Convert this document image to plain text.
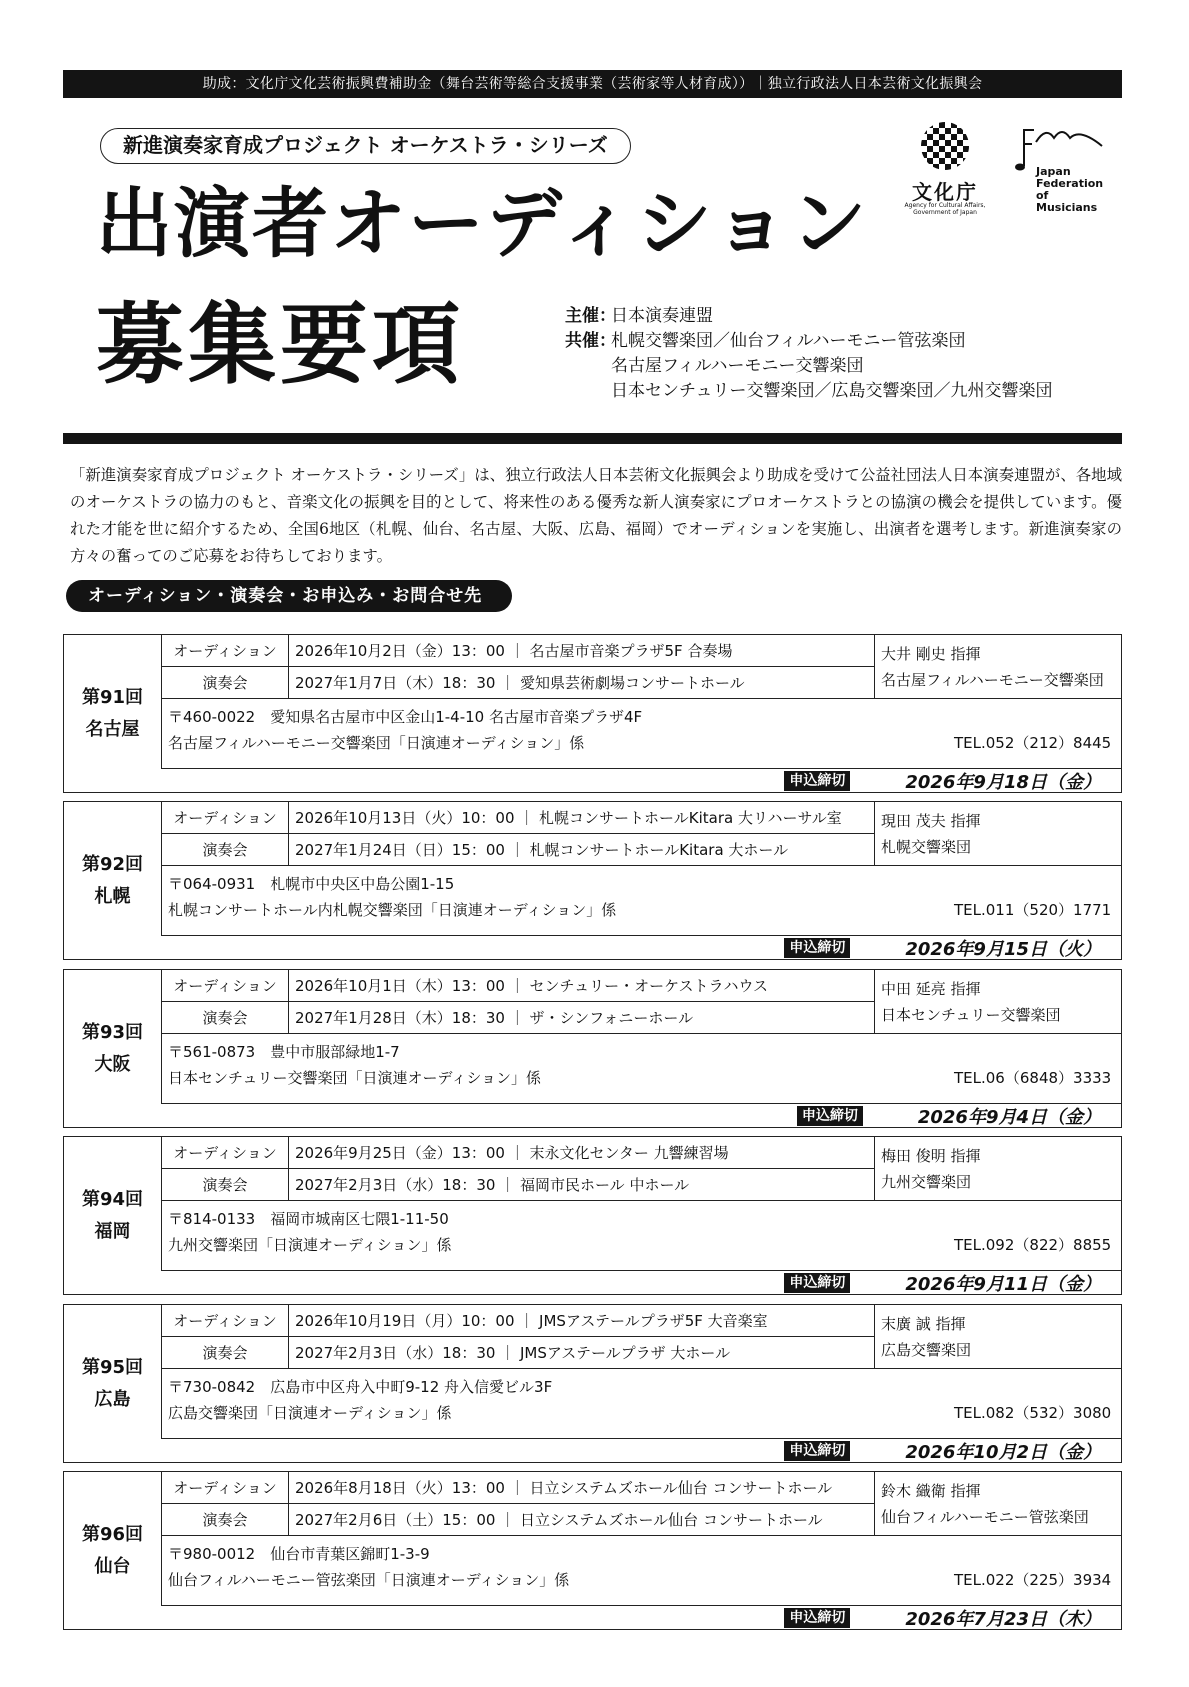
助成：文化庁文化芸術振興費補助金（舞台芸術等総合支援事業（芸術家等人材育成））｜独立行政法人日本芸術文化振興会
新進演奏家育成プロジェクト オーケストラ・シリーズ
出演者オーディション
募集要項
文化庁
Agency for Cultural Affairs, Government of Japan
Japan
Federation
of
Musicians
主催：
日本演奏連盟
共催：
札幌交響楽団／仙台フィルハーモニー管弦楽団
名古屋フィルハーモニー交響楽団
日本センチュリー交響楽団／広島交響楽団／九州交響楽団
「新進演奏家育成プロジェクト オーケストラ・シリーズ」は、独立行政法人日本芸術文化振興会より助成を受けて公益社団法人日本演奏連盟が、各地域のオーケストラの協力のもと、音楽文化の振興を目的として、将来性のある優秀な新人演奏家にプロオーケストラとの協演の機会を提供しています。優れた才能を世に紹介するため、全国6地区（札幌、仙台、名古屋、大阪、広島、福岡）でオーディションを実施し、出演者を選考します。新進演奏家の方々の奮ってのご応募をお待ちしております。
オーディション・演奏会・お申込み・お問合せ先
第91回
名古屋
オーディション	2026年10月2日（金）13：00 ｜ 名古屋市音楽プラザ5F 合奏場
演奏会	2027年1月7日（木）18：30 ｜ 愛知県芸術劇場コンサートホール
大井 剛史 指揮
名古屋フィルハーモニー交響楽団
〒460-0022　愛知県名古屋市中区金山1-4-10 名古屋市音楽プラザ4F
名古屋フィルハーモニー交響楽団「日演連オーディション」係	TEL.052（212）8445
申込締切	2026年9月18日（金）
第92回
札幌
オーディション	2026年10月13日（火）10：00 ｜ 札幌コンサートホールKitara 大リハーサル室
演奏会	2027年1月24日（日）15：00 ｜ 札幌コンサートホールKitara 大ホール
現田 茂夫 指揮
札幌交響楽団
〒064-0931　札幌市中央区中島公園1-15
札幌コンサートホール内札幌交響楽団「日演連オーディション」係	TEL.011（520）1771
申込締切	2026年9月15日（火）
第93回
大阪
オーディション	2026年10月1日（木）13：00 ｜ センチュリー・オーケストラハウス
演奏会	2027年1月28日（木）18：30 ｜ ザ・シンフォニーホール
中田 延亮 指揮
日本センチュリー交響楽団
〒561-0873　豊中市服部緑地1-7
日本センチュリー交響楽団「日演連オーディション」係	TEL.06（6848）3333
申込締切	2026年9月4日（金）
第94回
福岡
オーディション	2026年9月25日（金）13：00 ｜ 末永文化センター 九響練習場
演奏会	2027年2月3日（水）18：30 ｜ 福岡市民ホール 中ホール
梅田 俊明 指揮
九州交響楽団
〒814-0133　福岡市城南区七隈1-11-50
九州交響楽団「日演連オーディション」係	TEL.092（822）8855
申込締切	2026年9月11日（金）
第95回
広島
オーディション	2026年10月19日（月）10：00 ｜ JMSアステールプラザ5F 大音楽室
演奏会	2027年2月3日（水）18：30 ｜ JMSアステールプラザ 大ホール
末廣 誠 指揮
広島交響楽団
〒730-0842　広島市中区舟入中町9-12 舟入信愛ビル3F
広島交響楽団「日演連オーディション」係	TEL.082（532）3080
申込締切	2026年10月2日（金）
第96回
仙台
オーディション	2026年8月18日（火）13：00 ｜ 日立システムズホール仙台 コンサートホール
演奏会	2027年2月6日（土）15：00 ｜ 日立システムズホール仙台 コンサートホール
鈴木 織衛 指揮
仙台フィルハーモニー管弦楽団
〒980-0012　仙台市青葉区錦町1-3-9
仙台フィルハーモニー管弦楽団「日演連オーディション」係	TEL.022（225）3934
申込締切	2026年7月23日（木）
